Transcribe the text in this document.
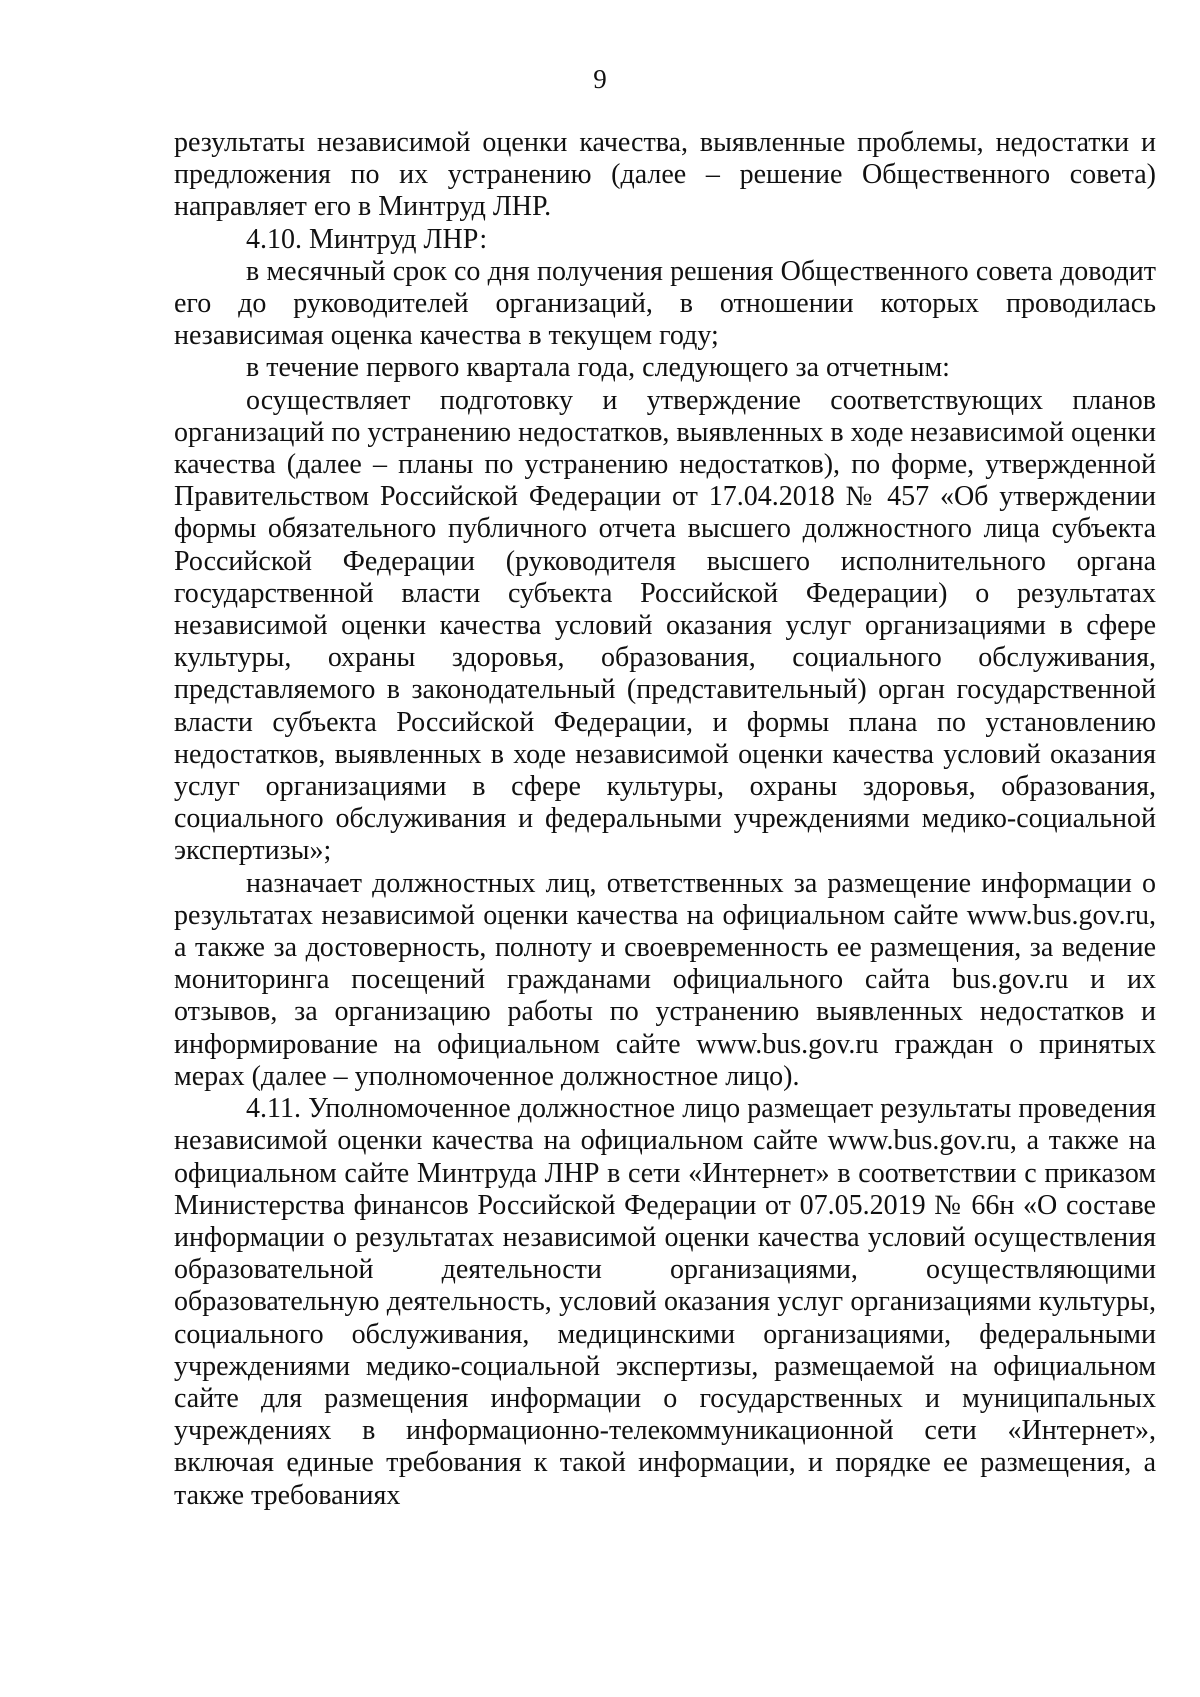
9

результаты независимой оценки качества, выявленные проблемы, недостатки и предложения по их устранению (далее – решение Общественного совета) направляет его в Минтруд ЛНР.

4.10. Минтруд ЛНР:

в месячный срок со дня получения решения Общественного совета доводит его до руководителей организаций, в отношении которых проводилась независимая оценка качества в текущем году;

в течение первого квартала года, следующего за отчетным:

осуществляет подготовку и утверждение соответствующих планов организаций по устранению недостатков, выявленных в ходе независимой оценки качества (далее – планы по устранению недостатков), по форме, утвержденной Правительством Российской Федерации от 17.04.2018 № 457 «Об утверждении формы обязательного публичного отчета высшего должностного лица субъекта Российской Федерации (руководителя высшего исполнительного органа государственной власти субъекта Российской Федерации) о результатах независимой оценки качества условий оказания услуг организациями в сфере культуры, охраны здоровья, образования, социального обслуживания, представляемого в законодательный (представительный) орган государственной власти субъекта Российской Федерации, и формы плана по установлению недостатков, выявленных в ходе независимой оценки качества условий оказания услуг организациями в сфере культуры, охраны здоровья, образования, социального обслуживания и федеральными учреждениями медико-социальной экспертизы»;

назначает должностных лиц, ответственных за размещение информации о результатах независимой оценки качества на официальном сайте www.bus.gov.ru, а также за достоверность, полноту и своевременность ее размещения, за ведение мониторинга посещений гражданами официального сайта bus.gov.ru и их отзывов, за организацию работы по устранению выявленных недостатков и информирование на официальном сайте www.bus.gov.ru граждан о принятых мерах (далее – уполномоченное должностное лицо).

4.11. Уполномоченное должностное лицо размещает результаты проведения независимой оценки качества на официальном сайте www.bus.gov.ru, а также на официальном сайте Минтруда ЛНР в сети «Интернет» в соответствии с приказом Министерства финансов Российской Федерации от 07.05.2019 № 66н «О составе информации о результатах независимой оценки качества условий осуществления образовательной деятельности организациями, осуществляющими образовательную деятельность, условий оказания услуг организациями культуры, социального обслуживания, медицинскими организациями, федеральными учреждениями медико-социальной экспертизы, размещаемой на официальном сайте для размещения информации о государственных и муниципальных учреждениях в информационно-телекоммуникационной сети «Интернет», включая единые требования к такой информации, и порядке ее размещения, а также требованиях
